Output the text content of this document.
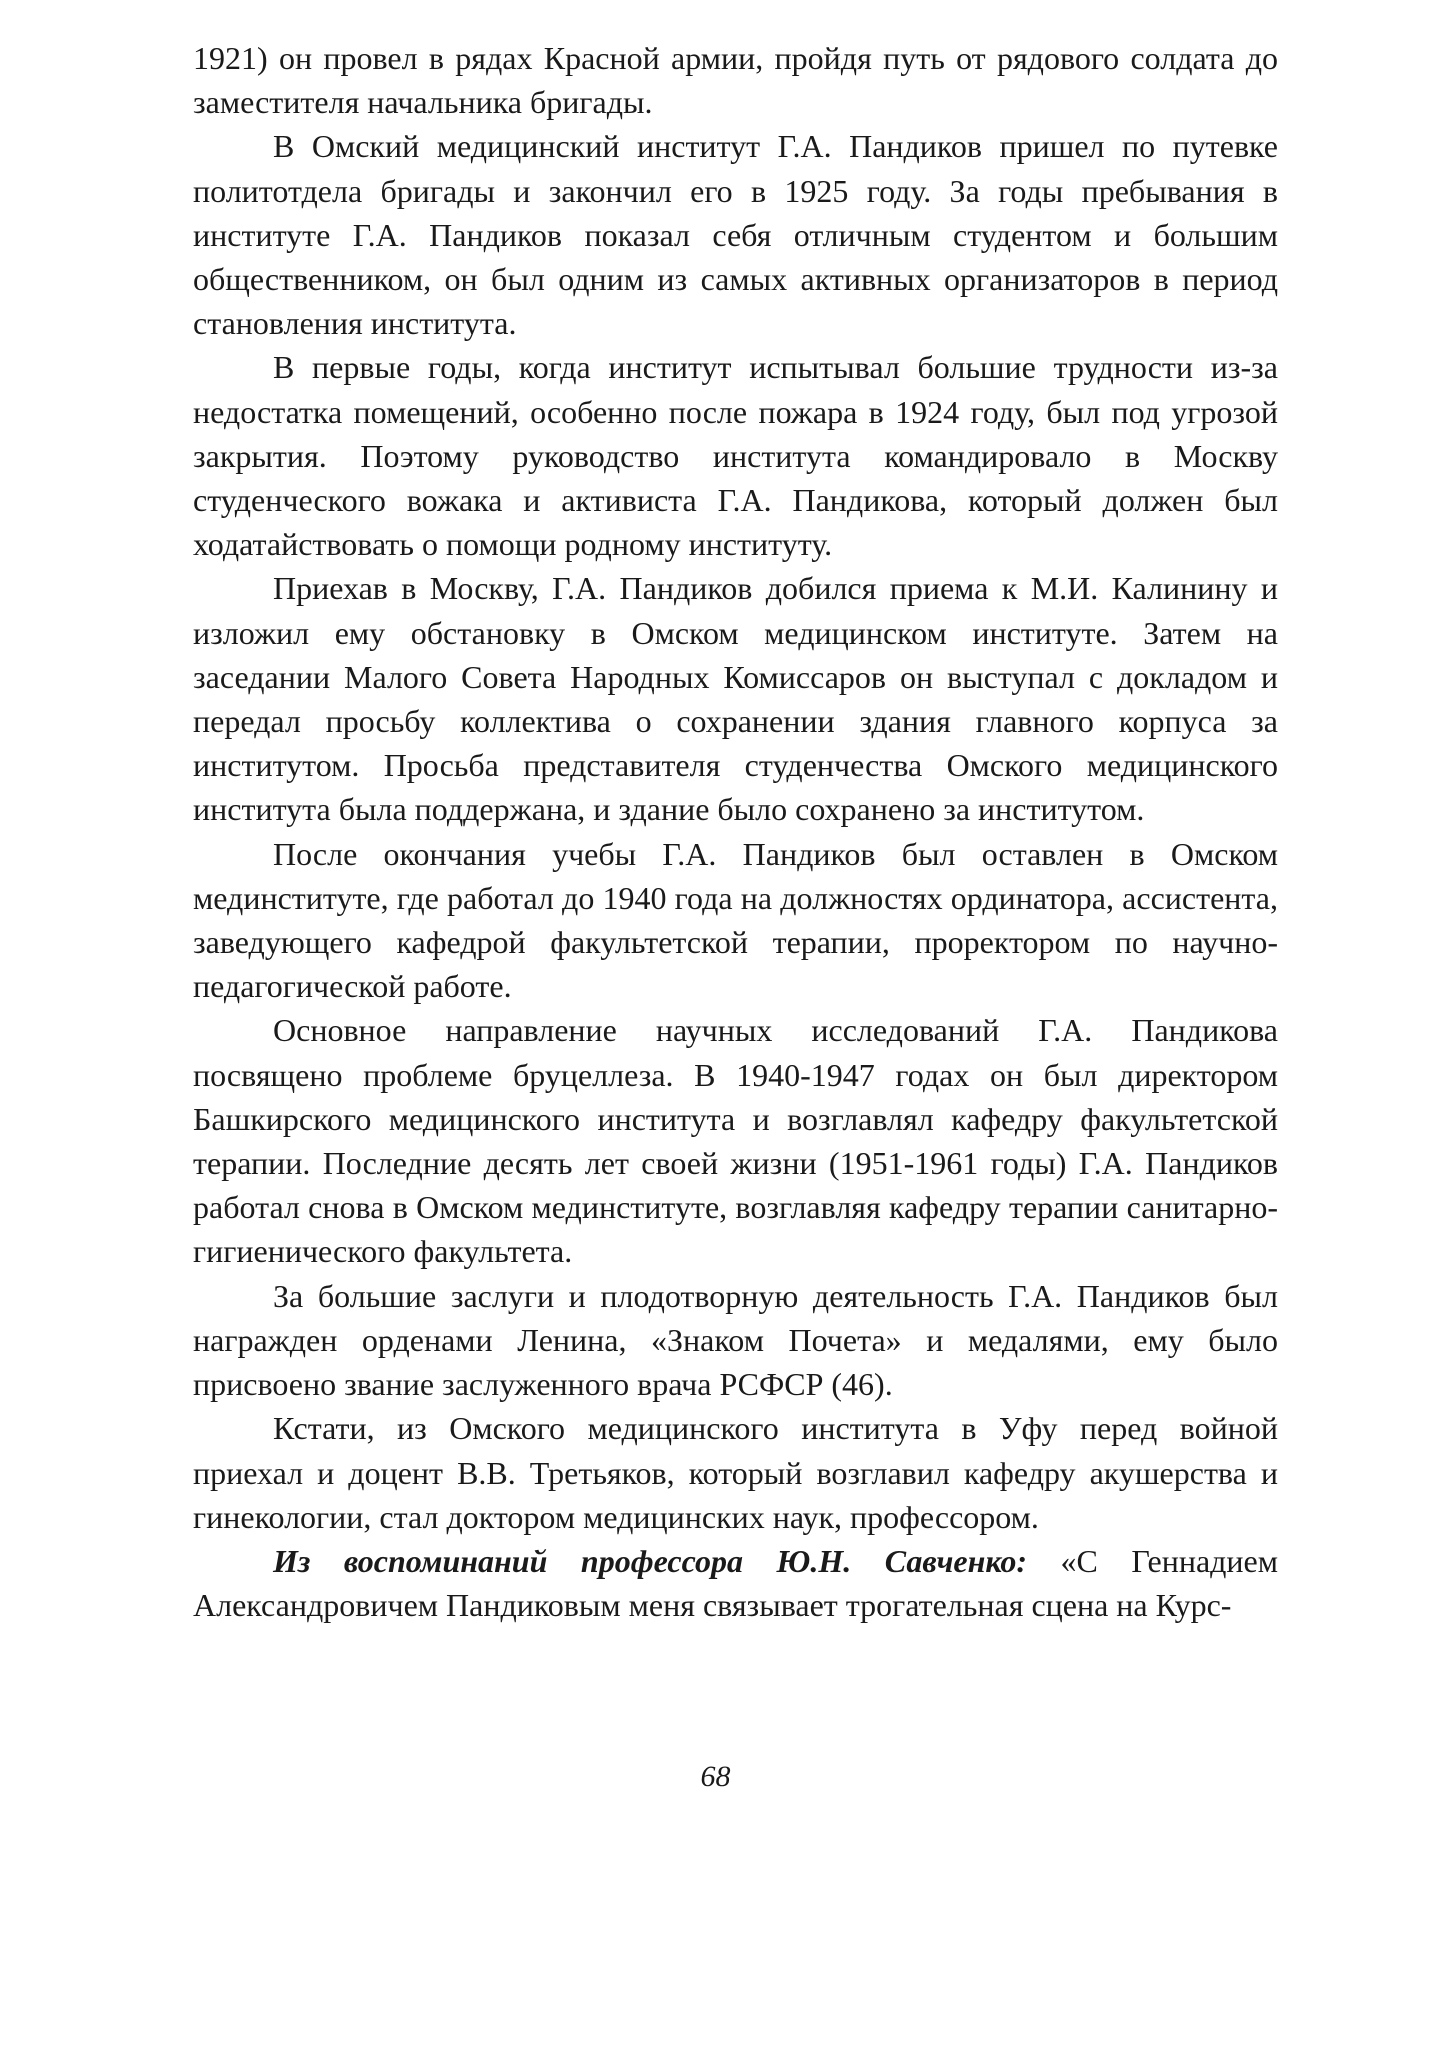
1921) он провел в рядах Красной армии, пройдя путь от рядового солдата до заместителя начальника бригады.

В Омский медицинский институт Г.А. Пандиков пришел по путевке политотдела бригады и закончил его в 1925 году. За годы пребывания в институте Г.А. Пандиков показал себя отличным студентом и большим общественником, он был одним из самых активных организаторов в период становления института.

В первые годы, когда институт испытывал большие трудности из-за недостатка помещений, особенно после пожара в 1924 году, был под угрозой закрытия. Поэтому руководство института командировало в Москву студенческого вожака и активиста Г.А. Пандикова, который должен был ходатайствовать о помощи родному институту.

Приехав в Москву, Г.А. Пандиков добился приема к М.И. Калинину и изложил ему обстановку в Омском медицинском институте. Затем на заседании Малого Совета Народных Комиссаров он выступал с докладом и передал просьбу коллектива о сохранении здания главного корпуса за институтом. Просьба представителя студенчества Омского медицинского института была поддержана, и здание было сохранено за институтом.

После окончания учебы Г.А. Пандиков был оставлен в Омском мединституте, где работал до 1940 года на должностях ординатора, ассистента, заведующего кафедрой факультетской терапии, проректором по научно-педагогической работе.

Основное направление научных исследований Г.А. Пандикова посвящено проблеме бруцеллеза. В 1940-1947 годах он был директором Башкирского медицинского института и возглавлял кафедру факультетской терапии. Последние десять лет своей жизни (1951-1961 годы) Г.А. Пандиков работал снова в Омском мединституте, возглавляя кафедру терапии санитарно-гигиенического факультета.

За большие заслуги и плодотворную деятельность Г.А. Пандиков был награжден орденами Ленина, «Знаком Почета» и медалями, ему было присвоено звание заслуженного врача РСФСР (46).

Кстати, из Омского медицинского института в Уфу перед войной приехал и доцент В.В. Третьяков, который возглавил кафедру акушерства и гинекологии, стал доктором медицинских наук, профессором.

Из воспоминаний профессора Ю.Н. Савченко: «С Геннадием Александровичем Пандиковым меня связывает трогательная сцена на Курс-

68
